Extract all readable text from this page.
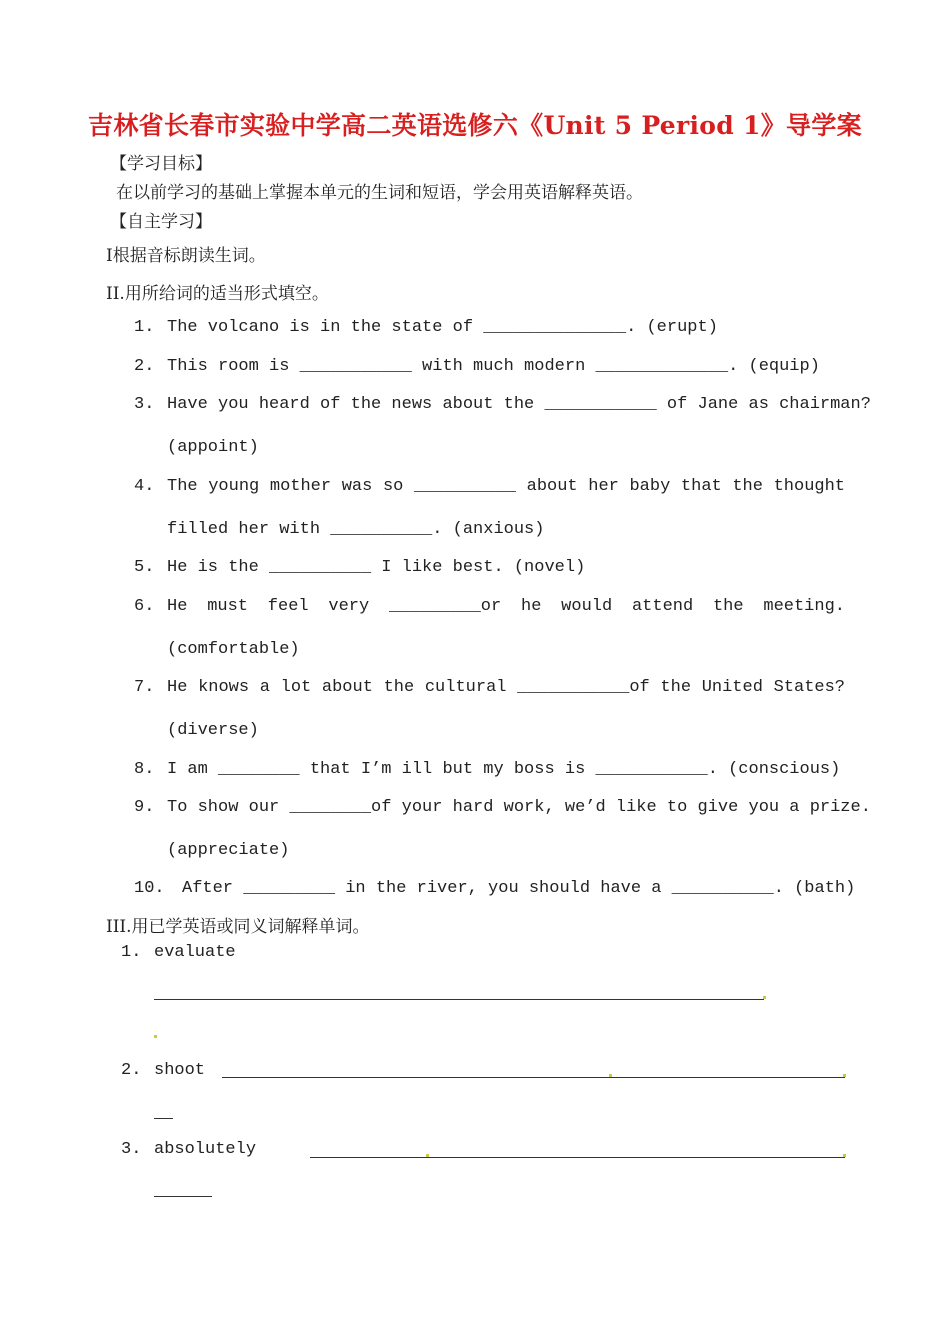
吉林省长春市实验中学高二英语选修六《Unit 5 Period 1》导学案
【学习目标】
在以前学习的基础上掌握本单元的生词和短语，学会用英语解释英语。
【自主学习】
I根据音标朗读生词。
II.用所给词的适当形式填空。
1. The volcano is in the state of ______________. (erupt)
2. This room is ___________ with much modern _____________. (equip)
3. Have you heard of the news about the ___________ of Jane as chairman?
(appoint)
4. The young mother was so __________ about her baby that the thought
filled her with __________. (anxious)
5. He is the __________ I like best. (novel)
6. He must feel very _________or he would attend the meeting.
(comfortable)
7. He knows a lot about the cultural ___________of the United States?
(diverse)
8. I am ________ that I’m ill but my boss is ___________. (conscious)
9. To show our ________of your hard work, we’d like to give you a prize.
(appreciate)
10. After _________ in the river, you should have a __________. (bath)
III.用已学英语或同义词解释单词。
1. evaluate
2. shoot
3. absolutely
